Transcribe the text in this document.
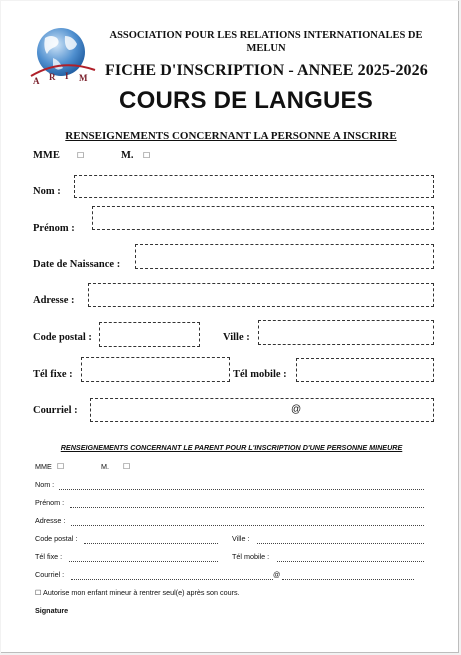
A R I M
ASSOCIATION POUR LES RELATIONS INTERNATIONALES DE
MELUN
FICHE D'INSCRIPTION - ANNEE 2025-2026
COURS DE LANGUES
RENSEIGNEMENTS CONCERNANT LA PERSONNE A INSCRIRE
MME ☐	M. ☐
Nom :
Prénom :
Date de Naissance :
Adresse :
Code postal :	Ville :
Tél fixe :	Tél mobile :
Courriel :	@
RENSEIGNEMENTS CONCERNANT LE PARENT POUR L'INSCRIPTION D'UNE PERSONNE MINEURE
MME ☐	M. ☐
Nom :
Prénom :
Adresse :
Code postal :	Ville :
Tél fixe :	Tél mobile :
Courriel :	@
☐ Autorise mon enfant mineur à rentrer seul(e) après son cours.
Signature
